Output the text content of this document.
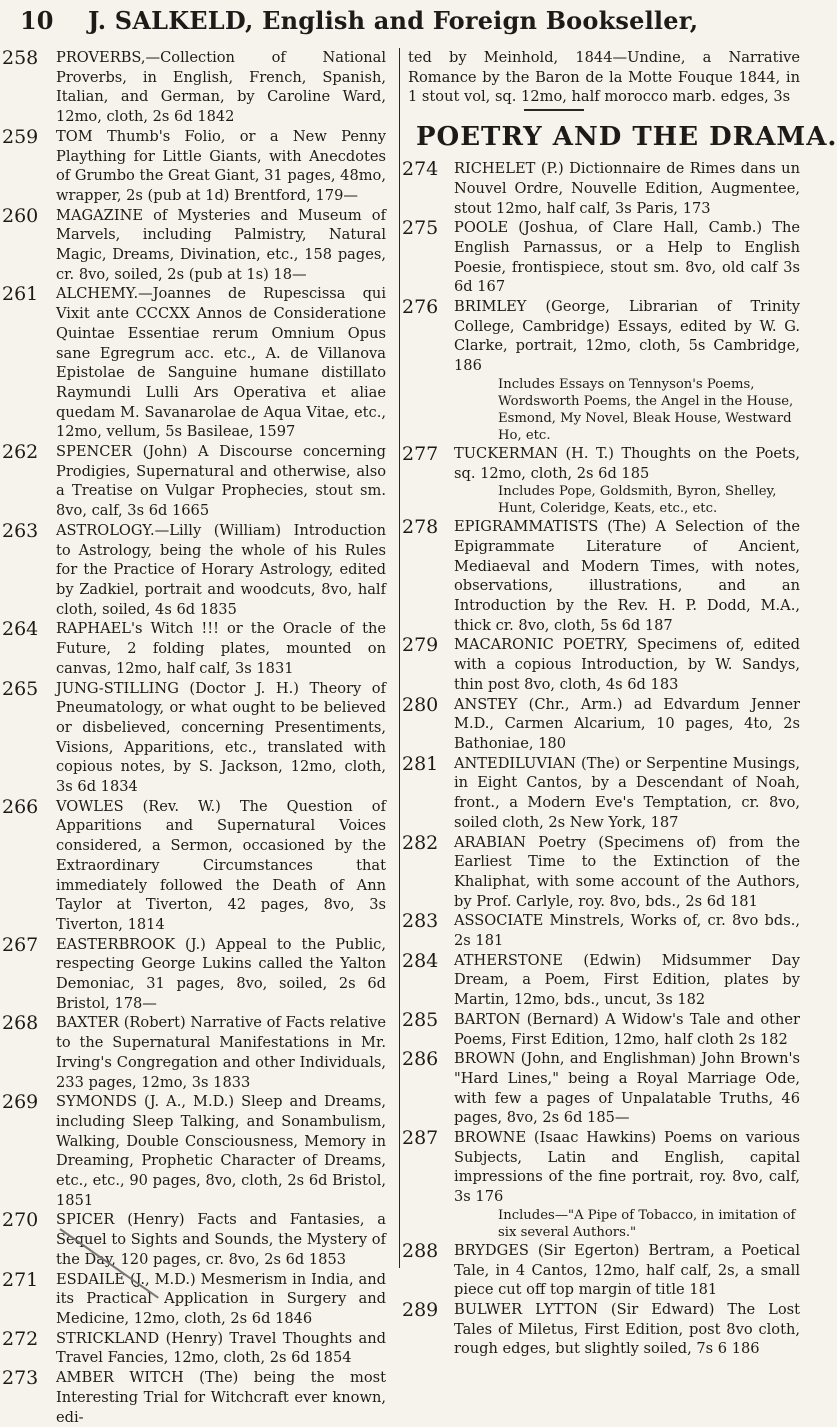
10 J. SALKELD, English and Foreign Bookseller,
258	PROVERBS,—Collection of National Proverbs, in English, French, Spanish, Italian, and German, by Caroline Ward, 12mo, cloth, 2s 6d 1842
259	TOM Thumb's Folio, or a New Penny Plaything for Little Giants, with Anecdotes of Grumbo the Great Giant, 31 pages, 48mo, wrapper, 2s (pub at 1d) Brentford, 179—
260	MAGAZINE of Mysteries and Museum of Marvels, including Palmistry, Natural Magic, Dreams, Divination, etc., 158 pages, cr. 8vo, soiled, 2s (pub at 1s) 18—
261	ALCHEMY.—Joannes de Rupescissa qui Vixit ante CCCXX Annos de Consideratione Quintae Essentiae rerum Omnium Opus sane Egregrum acc. etc., A. de Villanova Epistolae de Sanguine humane distillato Raymundi Lulli Ars Operativa et aliae quedam M. Savanarolae de Aqua Vitae, etc., 12mo, vellum, 5s Basileae, 1597
262	SPENCER (John) A Discourse concerning Prodigies, Supernatural and otherwise, also a Treatise on Vulgar Prophecies, stout sm. 8vo, calf, 3s 6d 1665
263	ASTROLOGY.—Lilly (William) Introduction to Astrology, being the whole of his Rules for the Practice of Horary Astrology, edited by Zadkiel, portrait and woodcuts, 8vo, half cloth, soiled, 4s 6d 1835
264	RAPHAEL's Witch !!! or the Oracle of the Future, 2 folding plates, mounted on canvas, 12mo, half calf, 3s 1831
265	JUNG-STILLING (Doctor J. H.) Theory of Pneumatology, or what ought to be believed or disbelieved, concerning Presentiments, Visions, Apparitions, etc., translated with copious notes, by S. Jackson, 12mo, cloth, 3s 6d 1834
266	VOWLES (Rev. W.) The Question of Apparitions and Supernatural Voices considered, a Sermon, occasioned by the Extraordinary Circumstances that immediately followed the Death of Ann Taylor at Tiverton, 42 pages, 8vo, 3s Tiverton, 1814
267	EASTERBROOK (J.) Appeal to the Public, respecting George Lukins called the Yalton Demoniac, 31 pages, 8vo, soiled, 2s 6d Bristol, 178—
268	BAXTER (Robert) Narrative of Facts relative to the Supernatural Manifestations in Mr. Irving's Congregation and other Individuals, 233 pages, 12mo, 3s 1833
269	SYMONDS (J. A., M.D.) Sleep and Dreams, including Sleep Talking, and Sonambulism, Walking, Double Consciousness, Memory in Dreaming, Prophetic Character of Dreams, etc., etc., 90 pages, 8vo, cloth, 2s 6d Bristol, 1851
270	SPICER (Henry) Facts and Fantasies, a Sequel to Sights and Sounds, the Mystery of the Day, 120 pages, cr. 8vo, 2s 6d 1853
271	ESDAILE (J., M.D.) Mesmerism in India, and its Practical Application in Surgery and Medicine, 12mo, cloth, 2s 6d 1846
272	STRICKLAND (Henry) Travel Thoughts and Travel Fancies, 12mo, cloth, 2s 6d 1854
273	AMBER WITCH (The) being the most Interesting Trial for Witchcraft ever known, edi-
ted by Meinhold, 1844—Undine, a Narrative Romance by the Baron de la Motte Fouque 1844, in 1 stout vol, sq. 12mo, half morocco marb. edges, 3s
POETRY AND THE DRAMA.
274	RICHELET (P.) Dictionnaire de Rimes dans un Nouvel Ordre, Nouvelle Edition, Augmentee, stout 12mo, half calf, 3s Paris, 173
275	POOLE (Joshua, of Clare Hall, Camb.) The English Parnassus, or a Help to English Poesie, frontispiece, stout sm. 8vo, old calf 3s 6d 167
276	BRIMLEY (George, Librarian of Trinity College, Cambridge) Essays, edited by W. G. Clarke, portrait, 12mo, cloth, 5s Cambridge, 186
Includes Essays on Tennyson's Poems, Wordsworth Poems, the Angel in the House, Esmond, My Novel, Bleak House, Westward Ho, etc.
277	TUCKERMAN (H. T.) Thoughts on the Poets, sq. 12mo, cloth, 2s 6d 185
Includes Pope, Goldsmith, Byron, Shelley, Hunt, Coleridge, Keats, etc., etc.
278	EPIGRAMMATISTS (The) A Selection of the Epigrammate Literature of Ancient, Mediaeval and Modern Times, with notes, observations, illustrations, and an Introduction by the Rev. H. P. Dodd, M.A., thick cr. 8vo, cloth, 5s 6d 187
279	MACARONIC POETRY, Specimens of, edited with a copious Introduction, by W. Sandys, thin post 8vo, cloth, 4s 6d 183
280	ANSTEY (Chr., Arm.) ad Edvardum Jenner M.D., Carmen Alcarium, 10 pages, 4to, 2s Bathoniae, 180
281	ANTEDILUVIAN (The) or Serpentine Musings, in Eight Cantos, by a Descendant of Noah, front., a Modern Eve's Temptation, cr. 8vo, soiled cloth, 2s New York, 187
282	ARABIAN Poetry (Specimens of) from the Earliest Time to the Extinction of the Khaliphat, with some account of the Authors, by Prof. Carlyle, roy. 8vo, bds., 2s 6d 181
283	ASSOCIATE Minstrels, Works of, cr. 8vo bds., 2s 181
284	ATHERSTONE (Edwin) Midsummer Day Dream, a Poem, First Edition, plates by Martin, 12mo, bds., uncut, 3s 182
285	BARTON (Bernard) A Widow's Tale and other Poems, First Edition, 12mo, half cloth 2s 182
286	BROWN (John, and Englishman) John Brown's "Hard Lines," being a Royal Marriage Ode, with few a pages of Unpalatable Truths, 46 pages, 8vo, 2s 6d 185—
287	BROWNE (Isaac Hawkins) Poems on various Subjects, Latin and English, capital impressions of the fine portrait, roy. 8vo, calf, 3s 176
Includes—"A Pipe of Tobacco, in imitation of six several Authors."
288	BRYDGES (Sir Egerton) Bertram, a Poetical Tale, in 4 Cantos, 12mo, half calf, 2s, a small piece cut off top margin of title 181
289	BULWER LYTTON (Sir Edward) The Lost Tales of Miletus, First Edition, post 8vo cloth, rough edges, but slightly soiled, 7s 6 186
